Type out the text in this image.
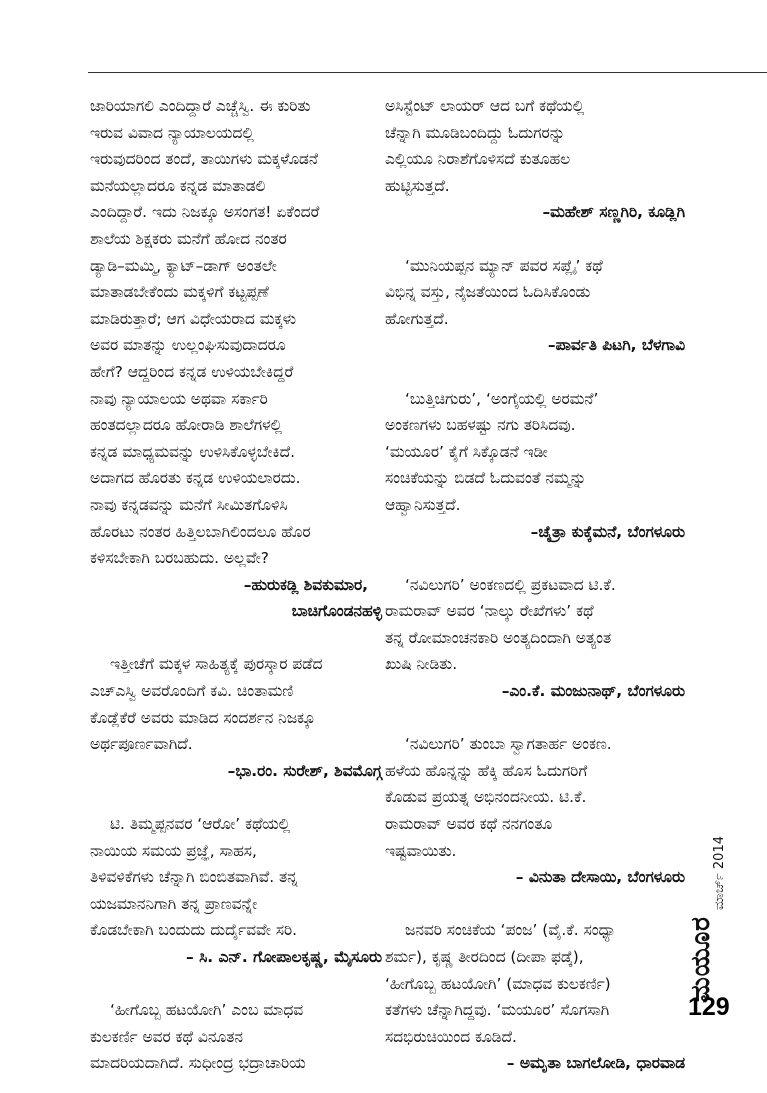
ಜಾರಿಯಾಗಲಿ ಎಂದಿದ್ದಾರೆ ಎಚ್ಚೆಸ್ವಿ. ಈ ಕುರಿತು

ಇರುವ ವಿವಾದ ನ್ಯಾಯಾಲಯದಲ್ಲಿ

ಇರುವುದರಿಂದ ತಂದೆ, ತಾಯಿಗಳು ಮಕ್ಕಳೊಡನೆ

ಮನೆಯಲ್ಲಾದರೂ ಕನ್ನಡ ಮಾತಾಡಲಿ

ಎಂದಿದ್ದಾರೆ. ಇದು ನಿಜಕ್ಕೂ ಅಸಂಗತ! ಏಕೆಂದರೆ

ಶಾಲೆಯ ಶಿಕ್ಷಕರು ಮನೆಗೆ ಹೋದ ನಂತರ

ಡ್ಯಾಡಿ–ಮಮ್ಮಿ, ಕ್ಯಾಟ್–ಡಾಗ್ ಅಂತಲೇ

ಮಾತಾಡಬೇಕೆಂದು ಮಕ್ಕಳಿಗೆ ಕಟ್ಟಪ್ಪಣೆ

ಮಾಡಿರುತ್ತಾರೆ; ಆಗ ವಿಧೇಯರಾದ ಮಕ್ಕಳು

ಅವರ ಮಾತನ್ನು ಉಲ್ಲಂಘಿಸುವುದಾದರೂ

ಹೇಗೆ? ಆದ್ದರಿಂದ ಕನ್ನಡ ಉಳಿಯಬೇಕಿದ್ದರೆ

ನಾವು ನ್ಯಾಯಾಲಯ ಅಥವಾ ಸರ್ಕಾರಿ

ಹಂತದಲ್ಲಾದರೂ ಹೋರಾಡಿ ಶಾಲೆಗಳಲ್ಲಿ

ಕನ್ನಡ ಮಾಧ್ಯಮವನ್ನು ಉಳಿಸಿಕೊಳ್ಳಬೇಕಿದೆ.

ಅದಾಗದ ಹೊರತು ಕನ್ನಡ ಉಳಿಯಲಾರದು.

ನಾವು ಕನ್ನಡವನ್ನು ಮನೆಗೆ ಸೀಮಿತಗೊಳಿಸಿ

ಹೊರಟು ನಂತರ ಹಿತ್ತಿಲಬಾಗಿಲಿಂದಲೂ ಹೊರ

ಕಳಿಸಬೇಕಾಗಿ ಬರಬಹುದು. ಅಲ್ಲವೇ?

–ಹುರುಕಡ್ಲಿ ಶಿವಕುಮಾರ,

ಬಾಚಿಗೊಂಡನಹಳ್ಳಿ

ಇತ್ತೀಚೆಗೆ ಮಕ್ಕಳ ಸಾಹಿತ್ಯಕ್ಕೆ ಪುರಸ್ಕಾರ ಪಡೆದ

ಎಚ್ಎಸ್ವಿ ಅವರೊಂದಿಗೆ ಕವಿ. ಚಿಂತಾಮಣಿ

ಕೊಡ್ಲೆಕೆರೆ ಅವರು ಮಾಡಿದ ಸಂದರ್ಶನ ನಿಜಕ್ಕೂ

ಅರ್ಥಪೂರ್ಣವಾಗಿದೆ.

–ಭಾ.ರಂ. ಸುರೇಶ್, ಶಿವಮೊಗ್ಗ

ಟಿ. ತಿಮ್ಮಪ್ಪನವರ ‘ಆರೋ’ ಕಥೆಯಲ್ಲಿ

ನಾಯಿಯ ಸಮಯ ಪ್ರಜ್ಞೆ, ಸಾಹಸ,

ತಿಳಿವಳಿಕೆಗಳು ಚೆನ್ನಾಗಿ ಬಿಂಬಿತವಾಗಿವೆ. ತನ್ನ

ಯಜಮಾನನಿಗಾಗಿ ತನ್ನ ಪ್ರಾಣವನ್ನೇ

ಕೊಡಬೇಕಾಗಿ ಬಂದುದು ದುರ್ದೈವವೇ ಸರಿ.

– ಸಿ. ಎನ್. ಗೋಪಾಲಕೃಷ್ಣ, ಮೈಸೂರು

‘ಹೀಗೊಬ್ಬ ಹಟಯೋಗಿ’ ಎಂಬ ಮಾಧವ

ಕುಲಕರ್ಣಿ ಅವರ ಕಥೆ ವಿನೂತನ

ಮಾದರಿಯದಾಗಿದೆ. ಸುಧೀಂದ್ರ ಭದ್ರಾಚಾರಿಯ

ಅಸಿಸ್ಟೆಂಟ್ ಲಾಯರ್ ಆದ ಬಗೆ ಕಥೆಯಲ್ಲಿ

ಚೆನ್ನಾಗಿ ಮೂಡಿಬಂದಿದ್ದು ಓದುಗರನ್ನು

ಎಲ್ಲಿಯೂ ನಿರಾಶೆಗೊಳಿಸದೆ ಕುತೂಹಲ

ಹುಟ್ಟಿಸುತ್ತದೆ.

–ಮಹೇಶ್ ಸಣ್ಣಗಿರಿ, ಕೂಡ್ಲಿಗಿ

‘ಮುನಿಯಪ್ಪನ ಮ್ಯಾನ್ ಪವರ ಸಪ್ಲೈ’ ಕಥೆ

ವಿಭಿನ್ನ ವಸ್ತು, ನೈಜತೆಯಿಂದ ಓದಿಸಿಕೊಂಡು

ಹೋಗುತ್ತದೆ.

–ಪಾರ್ವತಿ ಪಿಟಗಿ, ಬೆಳಗಾವಿ

‘ಬುತ್ತಿಚಿಗುರು’, ‘ಅಂಗೈಯಲ್ಲಿ ಅರಮನೆ’

ಅಂಕಣಗಳು ಬಹಳಷ್ಟು ನಗು ತರಿಸಿದವು.

‘ಮಯೂರ’ ಕೈಗೆ ಸಿಕ್ಕೊಡನೆ ಇಡೀ

ಸಂಚಿಕೆಯನ್ನು ಬಿಡದೆ ಓದುವಂತೆ ನಮ್ಮನ್ನು

ಆಹ್ವಾನಿಸುತ್ತದೆ.

–ಚೈತ್ರಾ ಕುಕ್ಕೆಮನೆ, ಬೆಂಗಳೂರು

‘ನವಿಲುಗರಿ’ ಅಂಕಣದಲ್ಲಿ ಪ್ರಕಟವಾದ ಟಿ.ಕೆ.

ರಾಮರಾವ್ ಅವರ ‘ನಾಲ್ಕು ರೇಖೆಗಳು’ ಕಥೆ

ತನ್ನ ರೋಮಾಂಚನಕಾರಿ ಅಂತ್ಯದಿಂದಾಗಿ ಅತ್ಯಂತ

ಖುಷಿ ನೀಡಿತು.

–ಎಂ.ಕೆ. ಮಂಜುನಾಥ್, ಬೆಂಗಳೂರು

‘ನವಿಲುಗರಿ’ ತುಂಬಾ ಸ್ವಾಗತಾರ್ಹ ಅಂಕಣ.

ಹಳೆಯ ಹೊನ್ನನ್ನು ಹೆಕ್ಕಿ ಹೊಸ ಓದುಗರಿಗೆ

ಕೊಡುವ ಪ್ರಯತ್ನ ಅಭಿನಂದನೀಯ. ಟಿ.ಕೆ.

ರಾಮರಾವ್ ಅವರ ಕಥೆ ನನಗಂತೂ

ಇಷ್ಟವಾಯಿತು.

– ವಿನುತಾ ದೇಸಾಯಿ, ಬೆಂಗಳೂರು

ಜನವರಿ ಸಂಚಿಕೆಯ ‘ಪಂಜ’ (ವೈ.ಕೆ. ಸಂಧ್ಯಾ

ಶರ್ಮ), ಕೃಷ್ಣ ತೀರದಿಂದ (ದೀಪಾ ಫಡ್ಕೆ),

‘ಹೀಗೊಬ್ಬ ಹಟಯೋಗಿ’ (ಮಾಧವ ಕುಲಕರ್ಣಿ)

ಕತೆಗಳು ಚೆನ್ನಾಗಿದ್ದವು. ‘ಮಯೂರ’ ಸೊಗಸಾಗಿ

ಸದಭಿರುಚಿಯಿಂದ ಕೂಡಿದೆ.

– ಅಮೃತಾ ಬಾಗಲೋಡಿ, ಧಾರವಾಡ

ಮಯೂರ
ಮಾರ್ಚ್ 2014
129
